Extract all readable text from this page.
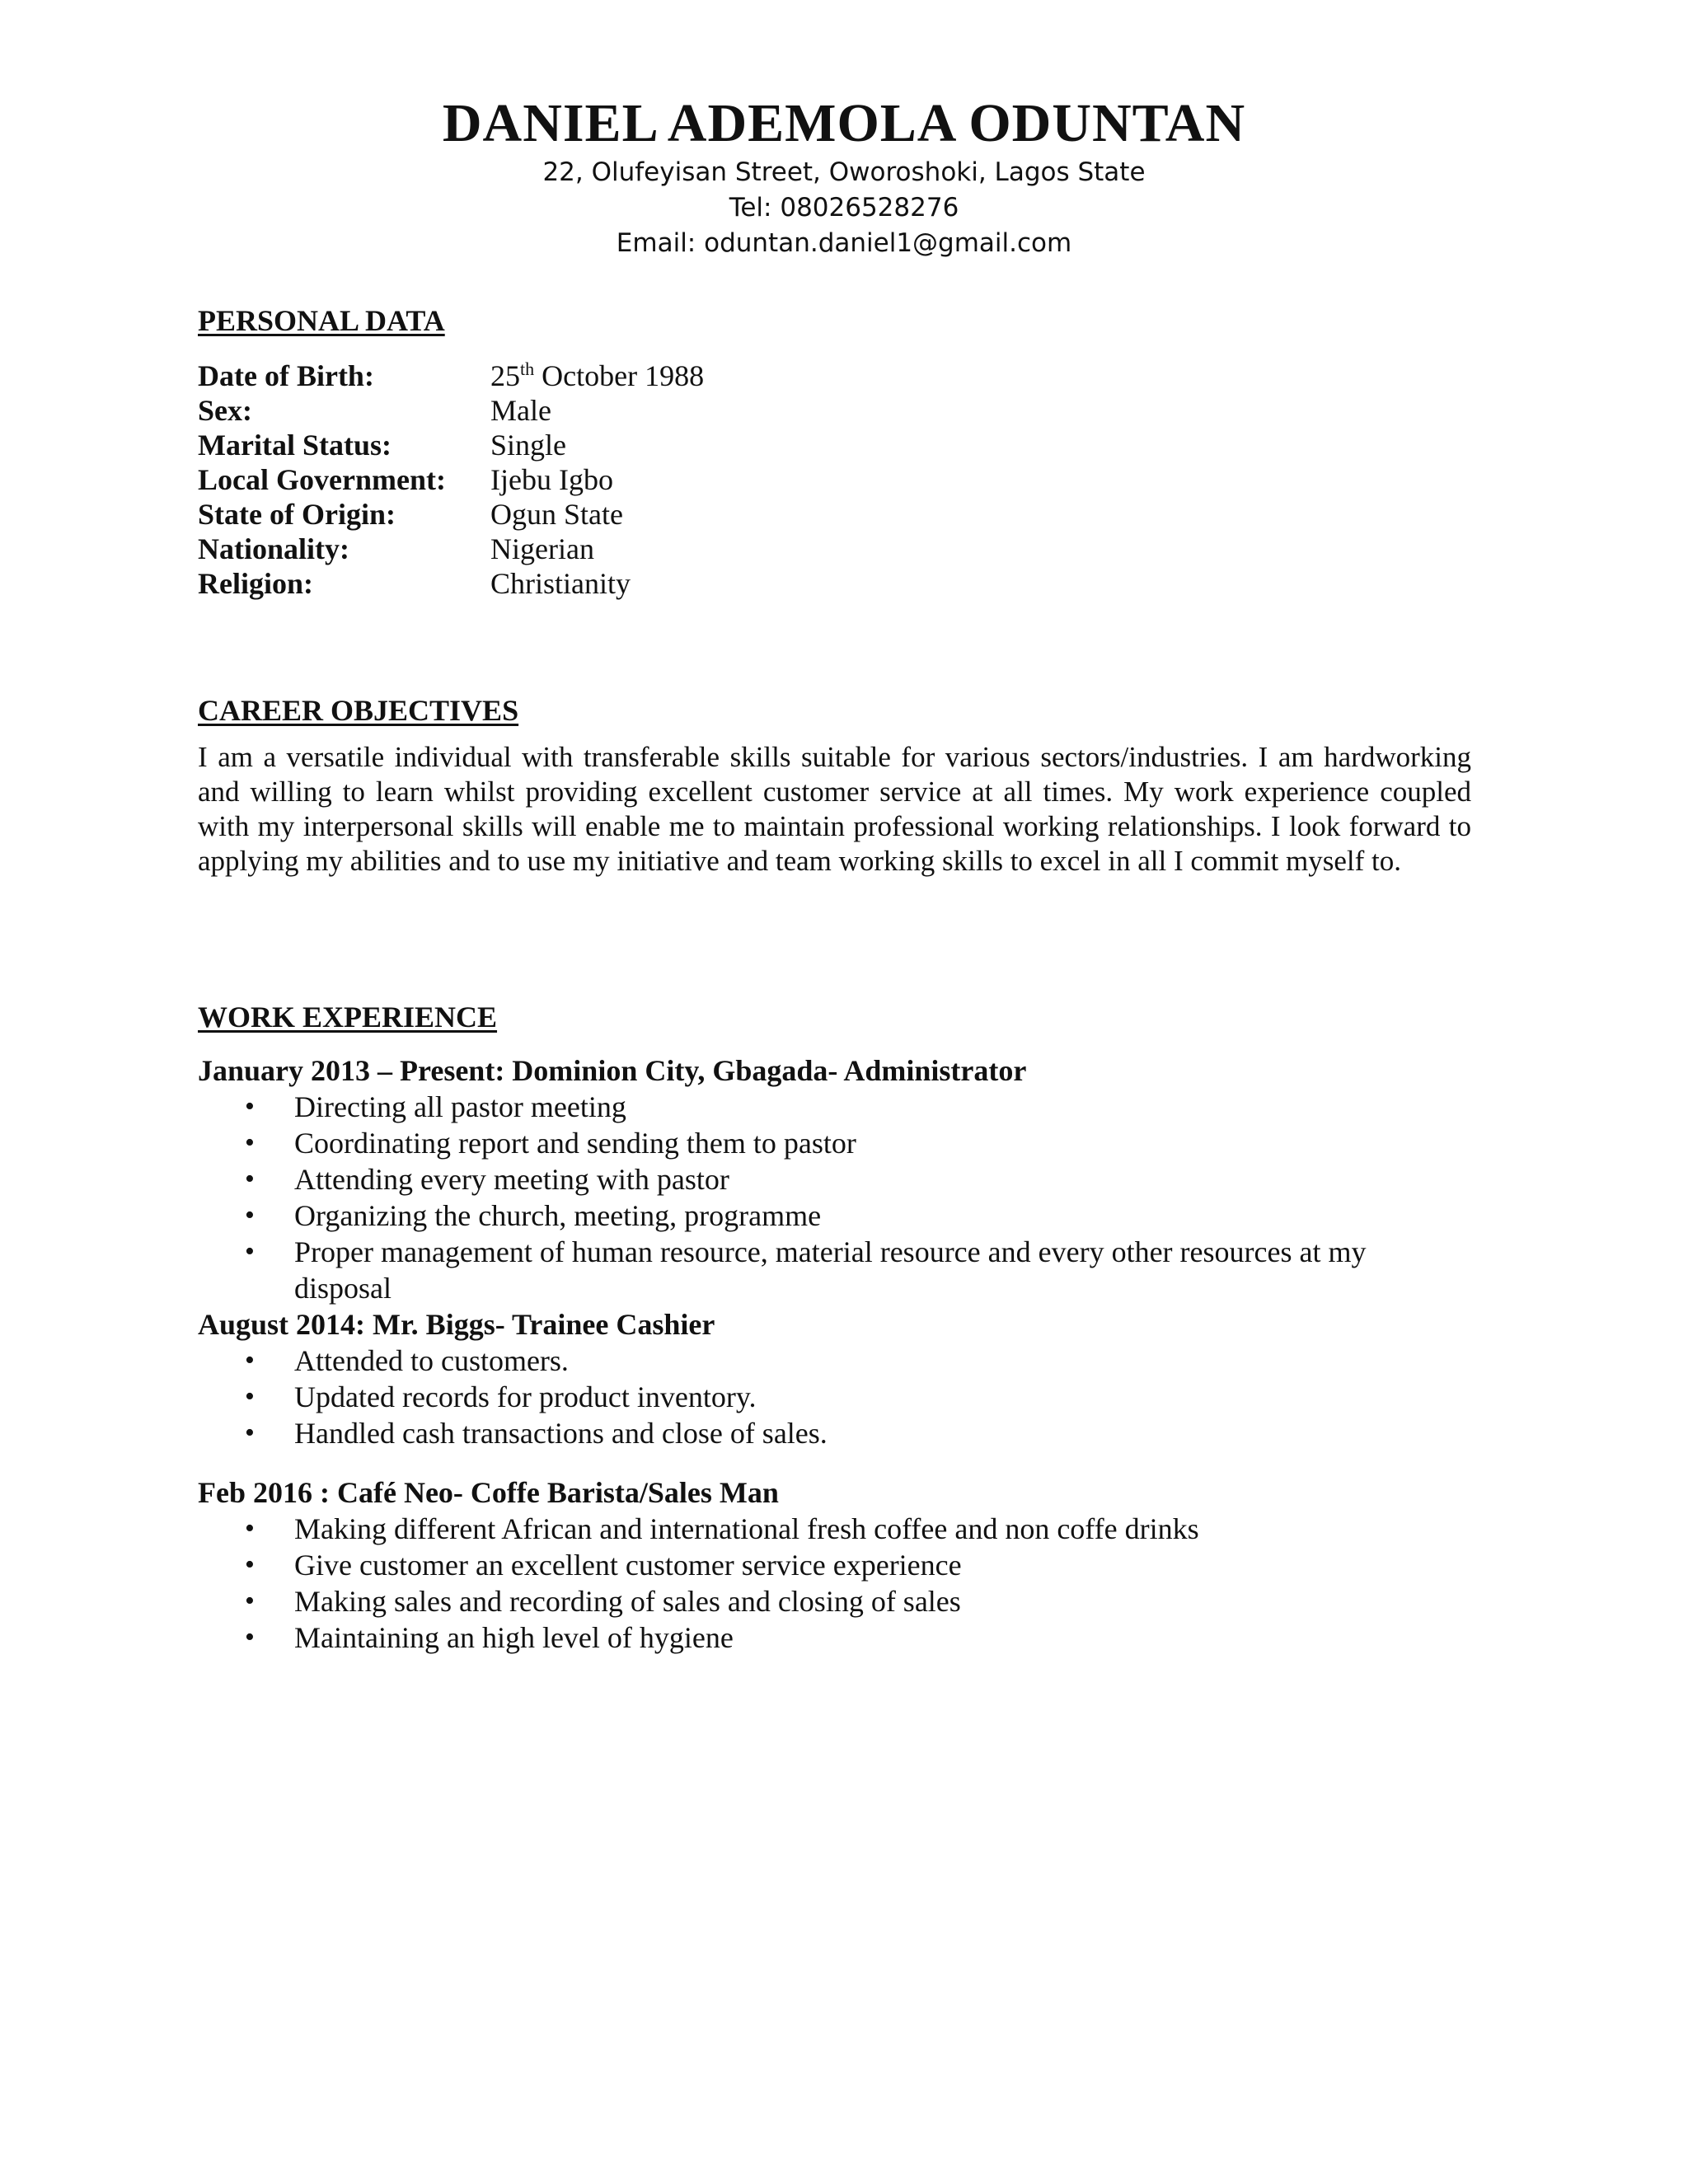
DANIEL ADEMOLA ODUNTAN
22, Olufeyisan Street, Oworoshoki, Lagos State
Tel: 08026528276
Email: oduntan.daniel1@gmail.com
PERSONAL DATA
Date of Birth:	25th October 1988
Sex:	Male
Marital Status:	Single
Local Government:	Ijebu Igbo
State of Origin:	Ogun State
Nationality:	Nigerian
Religion:	Christianity
CAREER OBJECTIVES
I am a versatile individual with transferable skills suitable for various sectors/industries. I am hardworking and willing to learn whilst providing excellent customer service at all times. My work experience coupled with my interpersonal skills will enable me to maintain professional working relationships. I look forward to applying my abilities and to use my initiative and team working skills to excel in all I commit myself to.
WORK EXPERIENCE
January 2013 – Present: Dominion City, Gbagada- Administrator
• Directing all pastor meeting
• Coordinating report and sending them to pastor
• Attending every meeting with pastor
• Organizing the church, meeting, programme
• Proper management of human resource, material resource and every other resources at my disposal
August 2014: Mr. Biggs- Trainee Cashier
• Attended to customers.
• Updated records for product inventory.
• Handled cash transactions and close of sales.
Feb 2016 : Café Neo- Coffe Barista/Sales Man
• Making different African and international fresh coffee and non coffe drinks
• Give customer an excellent customer service experience
• Making sales and recording of sales and closing of sales
• Maintaining an high level of hygiene
